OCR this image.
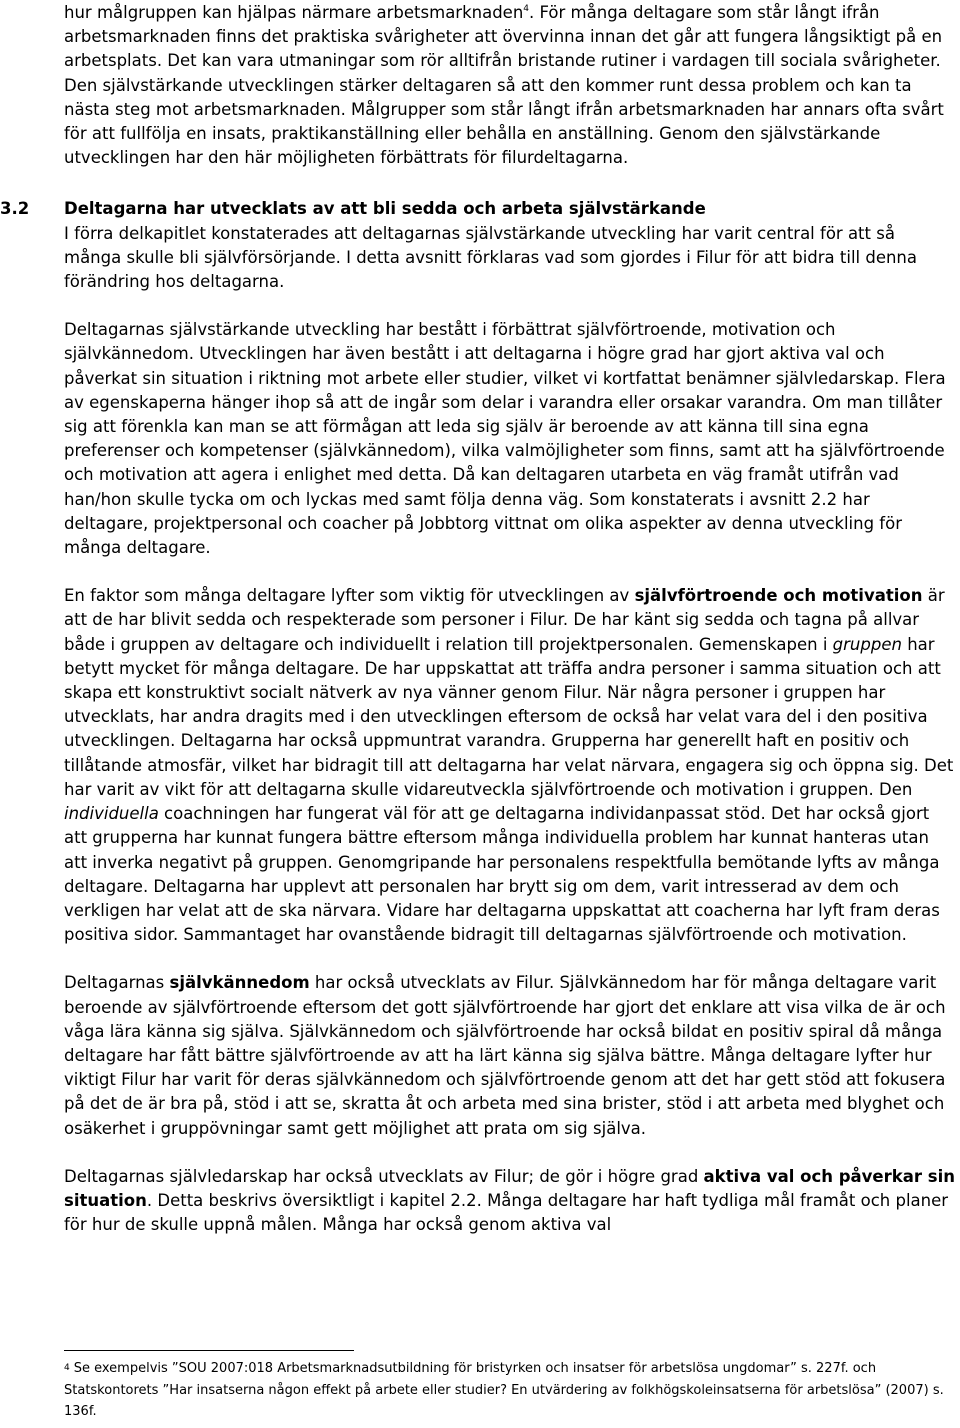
hur målgruppen kan hjälpas närmare arbetsmarknaden$^4$. För många deltagare som står långt ifrån arbetsmarknaden finns det praktiska svårigheter att övervinna innan det går att fungera långsiktigt på en arbetsplats. Det kan vara utmaningar som rör alltifrån bristande rutiner i vardagen till sociala svårigheter. Den självstärkande utvecklingen stärker deltagaren så att den kommer runt dessa problem och kan ta nästa steg mot arbetsmarknaden. Målgrupper som står långt ifrån arbetsmarknaden har annars ofta svårt för att fullfölja en insats, praktikanställning eller behålla en anställning. Genom den självstärkande utvecklingen har den här möjligheten förbättrats för filurdeltagarna.

3.2 Deltagarna har utvecklats av att bli sedda och arbeta självstärkande

I förra delkapitlet konstaterades att deltagarnas självstärkande utveckling har varit central för att så många skulle bli självförsörjande. I detta avsnitt förklaras vad som gjordes i Filur för att bidra till denna förändring hos deltagarna.

Deltagarnas självstärkande utveckling har bestått i förbättrat självförtroende, motivation och självkännedom. Utvecklingen har även bestått i att deltagarna i högre grad har gjort aktiva val och påverkat sin situation i riktning mot arbete eller studier, vilket vi kortfattat benämner självledarskap. Flera av egenskaperna hänger ihop så att de ingår som delar i varandra eller orsakar varandra. Om man tillåter sig att förenkla kan man se att förmågan att leda sig själv är beroende av att känna till sina egna preferenser och kompetenser (självkännedom), vilka valmöjligheter som finns, samt att ha självförtroende och motivation att agera i enlighet med detta. Då kan deltagaren utarbeta en väg framåt utifrån vad han/hon skulle tycka om och lyckas med samt följa denna väg. Som konstaterats i avsnitt 2.2 har deltagare, projektpersonal och coacher på Jobbtorg vittnat om olika aspekter av denna utveckling för många deltagare.

En faktor som många deltagare lyfter som viktig för utvecklingen av självförtroende och motivation är att de har blivit sedda och respekterade som personer i Filur. De har känt sig sedda och tagna på allvar både i gruppen av deltagare och individuellt i relation till projektpersonalen. Gemenskapen i gruppen har betytt mycket för många deltagare. De har uppskattat att träffa andra personer i samma situation och att skapa ett konstruktivt socialt nätverk av nya vänner genom Filur. När några personer i gruppen har utvecklats, har andra dragits med i den utvecklingen eftersom de också har velat vara del i den positiva utvecklingen. Deltagarna har också uppmuntrat varandra. Grupperna har generellt haft en positiv och tillåtande atmosfär, vilket har bidragit till att deltagarna har velat närvara, engagera sig och öppna sig. Det har varit av vikt för att deltagarna skulle vidareutveckla självförtroende och motivation i gruppen. Den individuella coachningen har fungerat väl för att ge deltagarna individanpassat stöd. Det har också gjort att grupperna har kunnat fungera bättre eftersom många individuella problem har kunnat hanteras utan att inverka negativt på gruppen. Genomgripande har personalens respektfulla bemötande lyfts av många deltagare. Deltagarna har upplevt att personalen har brytt sig om dem, varit intresserad av dem och verkligen har velat att de ska närvara. Vidare har deltagarna uppskattat att coacherna har lyft fram deras positiva sidor. Sammantaget har ovanstående bidragit till deltagarnas självförtroende och motivation.

Deltagarnas självkännedom har också utvecklats av Filur. Självkännedom har för många deltagare varit beroende av självförtroende eftersom det gott självförtroende har gjort det enklare att visa vilka de är och våga lära känna sig själva. Självkännedom och självförtroende har också bildat en positiv spiral då många deltagare har fått bättre självförtroende av att ha lärt känna sig själva bättre. Många deltagare lyfter hur viktigt Filur har varit för deras självkännedom och självförtroende genom att det har gett stöd att fokusera på det de är bra på, stöd i att se, skratta åt och arbeta med sina brister, stöd i att arbeta med blyghet och osäkerhet i gruppövningar samt gett möjlighet att prata om sig själva.

Deltagarnas självledarskap har också utvecklats av Filur; de gör i högre grad aktiva val och påverkar sin situation. Detta beskrivs översiktligt i kapitel 2.2. Många deltagare har haft tydliga mål framåt och planer för hur de skulle uppnå målen. Många har också genom aktiva val

$^4$ Se exempelvis ”SOU 2007:018 Arbetsmarknadsutbildning för bristyrken och insatser för arbetslösa ungdomar” s. 227f. och Statskontorets ”Har insatserna någon effekt på arbete eller studier? En utvärdering av folkhögskoleinsatserna för arbetslösa” (2007) s. 136f.
